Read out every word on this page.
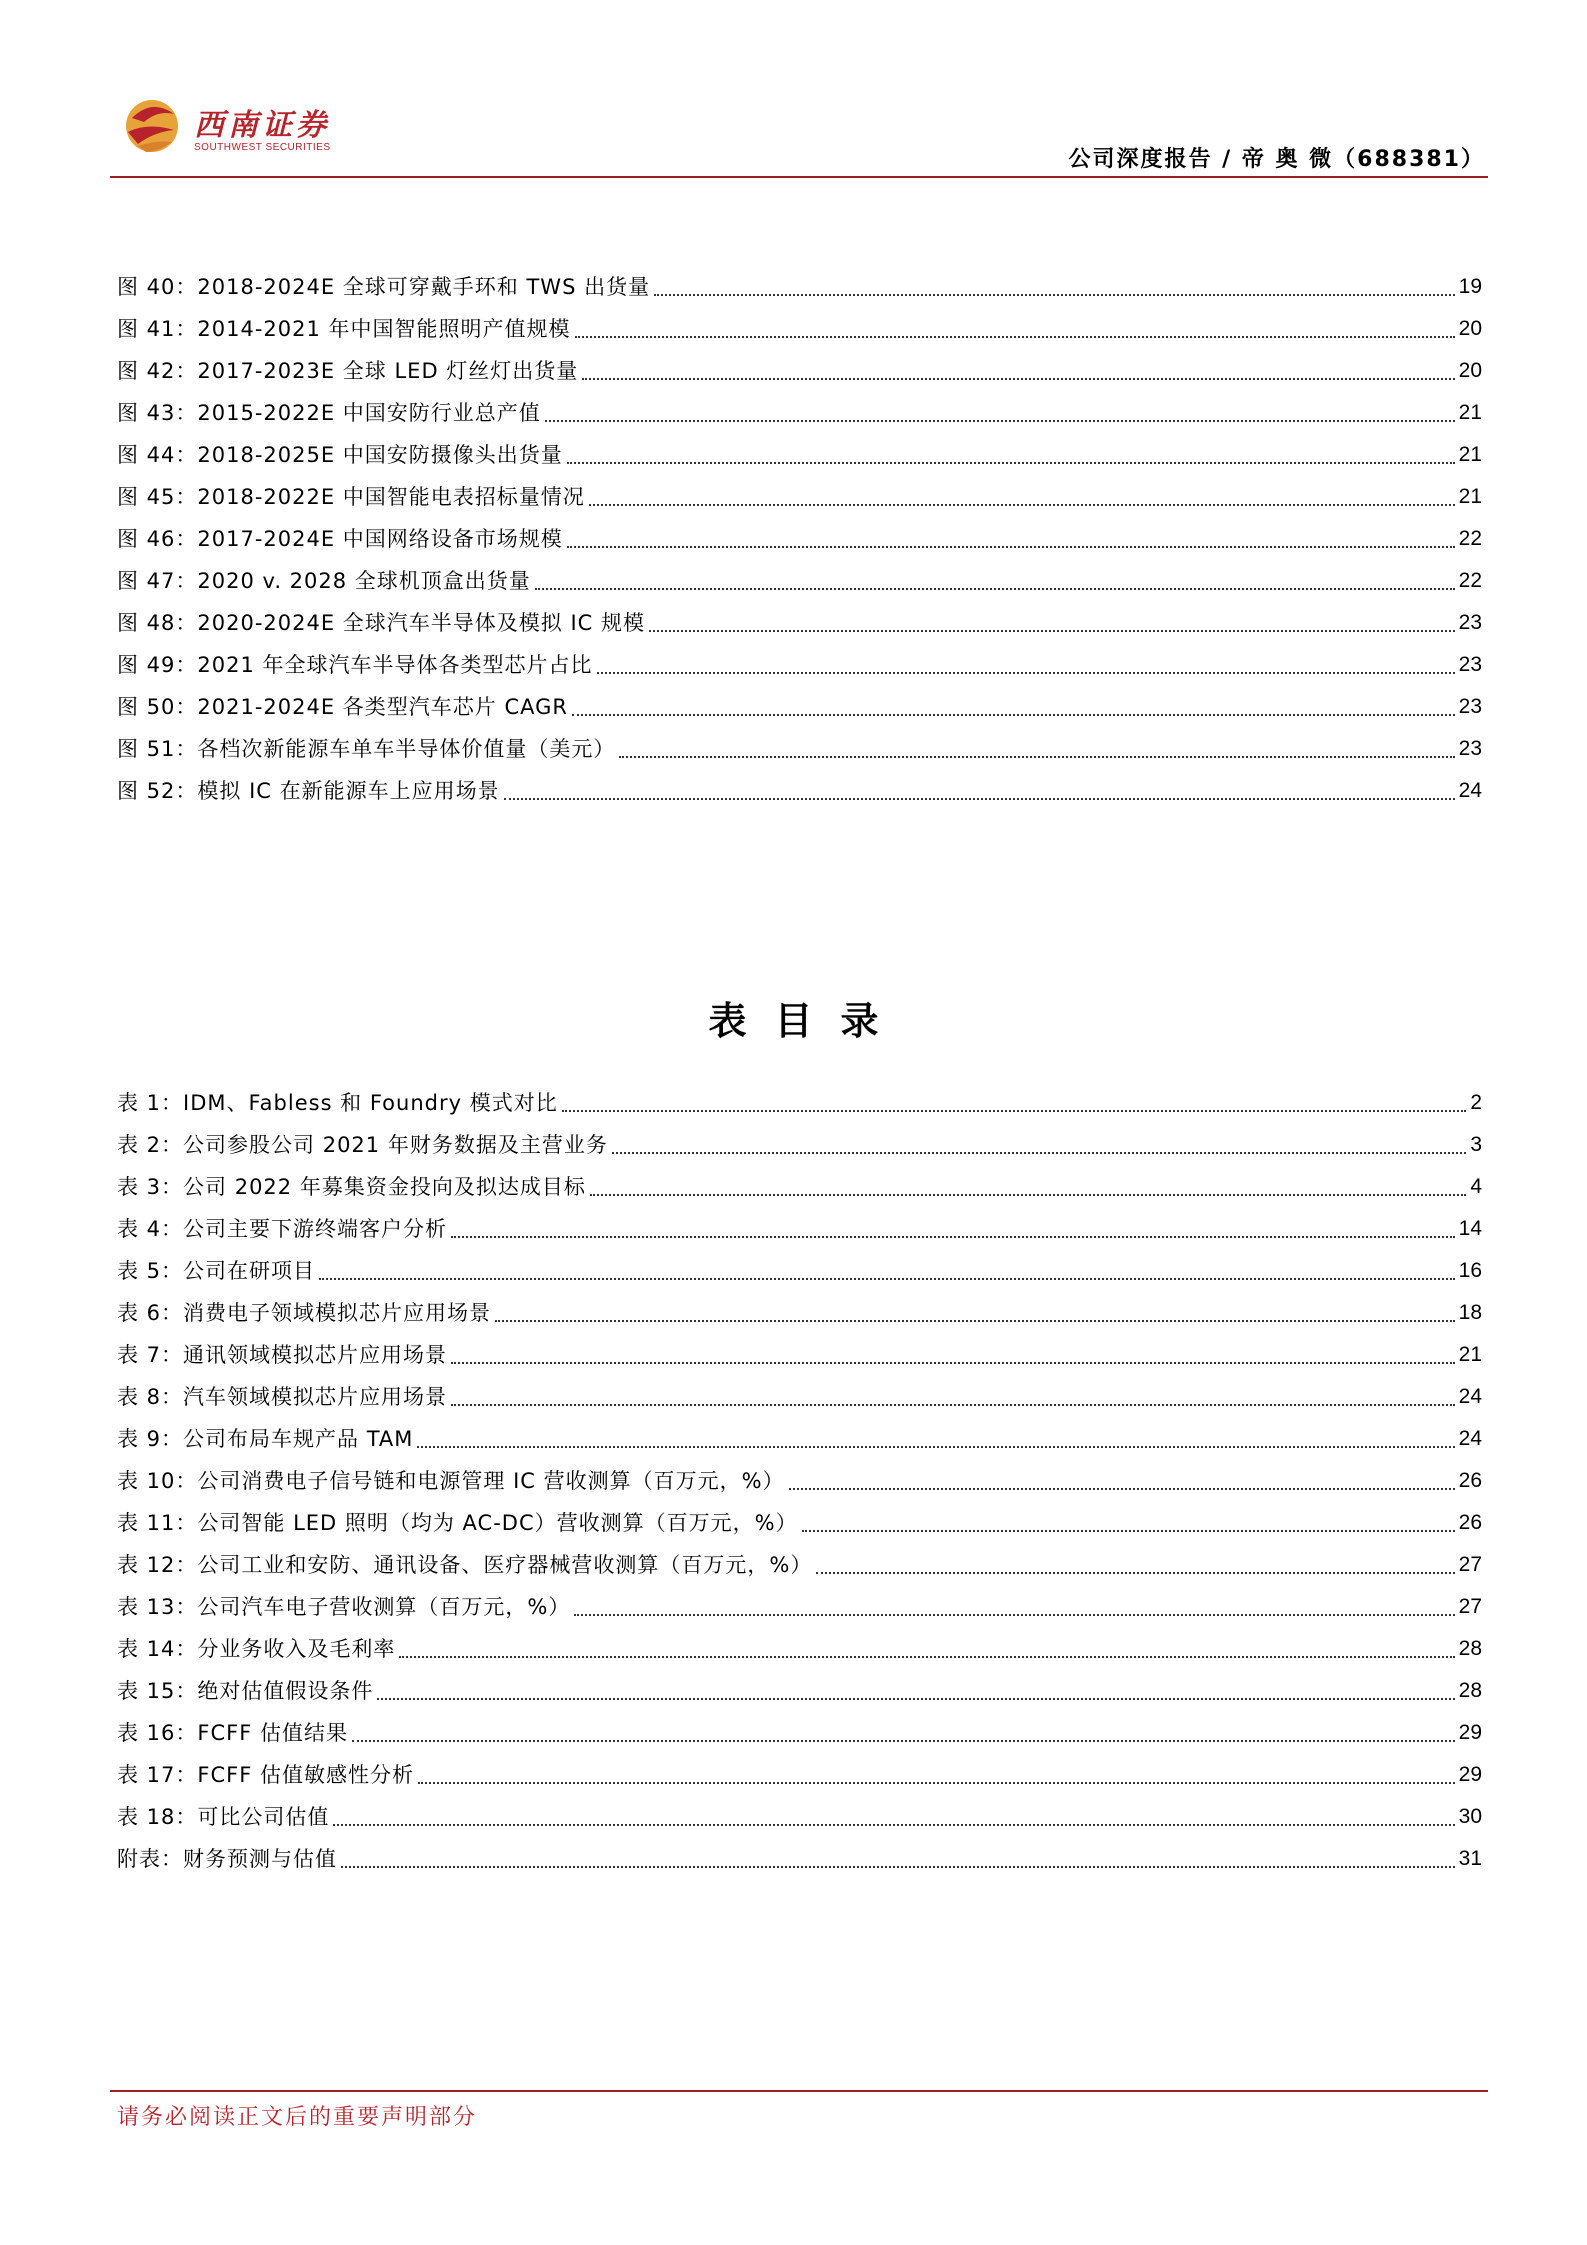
西南证券
SOUTHWEST SECURITIES	公司深度报告 / 帝 奥 微（688381）
图 40：2018-2024E 全球可穿戴手环和 TWS 出货量	19
图 41：2014-2021 年中国智能照明产值规模	20
图 42：2017-2023E 全球 LED 灯丝灯出货量	20
图 43：2015-2022E 中国安防行业总产值	21
图 44：2018-2025E 中国安防摄像头出货量	21
图 45：2018-2022E 中国智能电表招标量情况	21
图 46：2017-2024E 中国网络设备市场规模	22
图 47：2020 v. 2028 全球机顶盒出货量	22
图 48：2020-2024E 全球汽车半导体及模拟 IC 规模	23
图 49：2021 年全球汽车半导体各类型芯片占比	23
图 50：2021-2024E 各类型汽车芯片 CAGR	23
图 51：各档次新能源车单车半导体价值量（美元）	23
图 52：模拟 IC 在新能源车上应用场景	24
表目录
表 1：IDM、Fabless 和 Foundry 模式对比	2
表 2：公司参股公司 2021 年财务数据及主营业务	3
表 3：公司 2022 年募集资金投向及拟达成目标	4
表 4：公司主要下游终端客户分析	14
表 5：公司在研项目	16
表 6：消费电子领域模拟芯片应用场景	18
表 7：通讯领域模拟芯片应用场景	21
表 8：汽车领域模拟芯片应用场景	24
表 9：公司布局车规产品 TAM	24
表 10：公司消费电子信号链和电源管理 IC 营收测算（百万元，%）	26
表 11：公司智能 LED 照明（均为 AC-DC）营收测算（百万元，%）	26
表 12：公司工业和安防、通讯设备、医疗器械营收测算（百万元，%）	27
表 13：公司汽车电子营收测算（百万元，%）	27
表 14：分业务收入及毛利率	28
表 15：绝对估值假设条件	28
表 16：FCFF 估值结果	29
表 17：FCFF 估值敏感性分析	29
表 18：可比公司估值	30
附表：财务预测与估值	31
请务必阅读正文后的重要声明部分
